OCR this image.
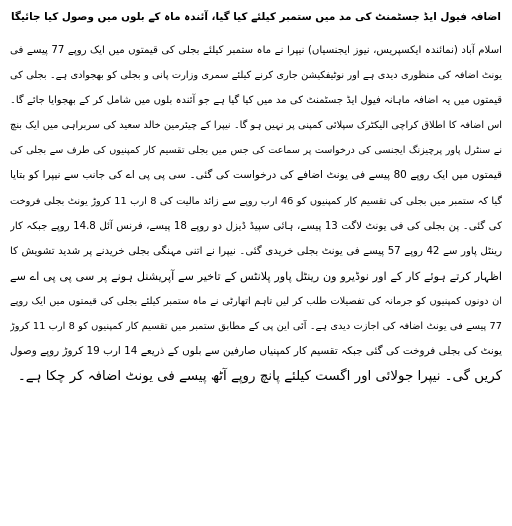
اضافہ فیول ایڈ جسٹمنٹ کی مد میں ستمبر کیلئے کیا گیا، آئندہ ماہ کے بلوں میں وصول کیا جائیگا
اسلام آباد (نمائندہ ایکسپریس، نیوز ایجنسیاں) نیپرا نے ماہ ستمبر کیلئے بجلی کی قیمتوں میں ایک روپے 77 پیسے فی
یونٹ اضافہ کی منظوری دیدی ہے اور نوٹیفکیشن جاری کرنے کیلئے سمری وزارت پانی و بجلی کو بھجوادی ہے۔ بجلی کی
قیمتوں میں یہ اضافہ ماہانہ فیول ایڈ جسٹمنٹ کی مد میں کیا گیا ہے جو آئندہ بلوں میں شامل کر کے بھجوایا جائے گا۔
اس اضافہ کا اطلاق کراچی الیکٹرک سپلائی کمپنی پر نہیں ہو گا۔ نیپرا کے چیئرمین خالد سعید کی سربراہی میں ایک بنچ
نے سنٹرل پاور پرچیزنگ ایجنسی کی درخواست پر سماعت کی جس میں بجلی تقسیم کار کمپنیوں کی طرف سے بجلی کی
قیمتوں میں ایک روپے 80 پیسے فی یونٹ اضافے کی درخواست کی گئی۔ سی پی پی اے کی جانب سے نیپرا کو بتایا
گیا کہ ستمبر میں بجلی کی تقسیم کار کمپنیوں کو 46 ارب روپے سے زائد مالیت کی 8 ارب 11 کروڑ یونٹ بجلی فروخت
کی گئی۔ پن بجلی کی فی یونٹ لاگت 13 پیسے، ہائی سپیڈ ڈیزل دو روپے 18 پیسے، فرنس آئل 14.8 روپے جبکہ کار
رینٹل پاور سے 42 روپے 57 پیسے فی یونٹ بجلی خریدی گئی۔ نیپرا نے اتنی مہنگی بجلی خریدنے پر شدید تشویش کا
اظہار کرتے ہوئے کار کے اور نوڈیرو ون رینٹل پاور پلانٹس کے تاخیر سے آپریشنل ہونے پر سی پی پی اے سے
ان دونوں کمپنیوں کو جرمانہ کی تفصیلات طلب کر لیں تاہم اتھارٹی نے ماہ ستمبر کیلئے بجلی کی قیمتوں میں ایک روپے
77 پیسے فی یونٹ اضافہ کی اجازت دیدی ہے۔ آئی این پی کے مطابق ستمبر میں تقسیم کار کمپنیوں کو 8 ارب 11 کروڑ
یونٹ کی بجلی فروخت کی گئی جبکہ تقسیم کار کمپنیاں صارفین سے بلوں کے ذریعے 14 ارب 19 کروڑ روپے وصول
کریں گی۔ نیپرا جولائی اور اگست کیلئے پانچ روپے آٹھ پیسے فی یونٹ اضافہ کر چکا ہے۔
